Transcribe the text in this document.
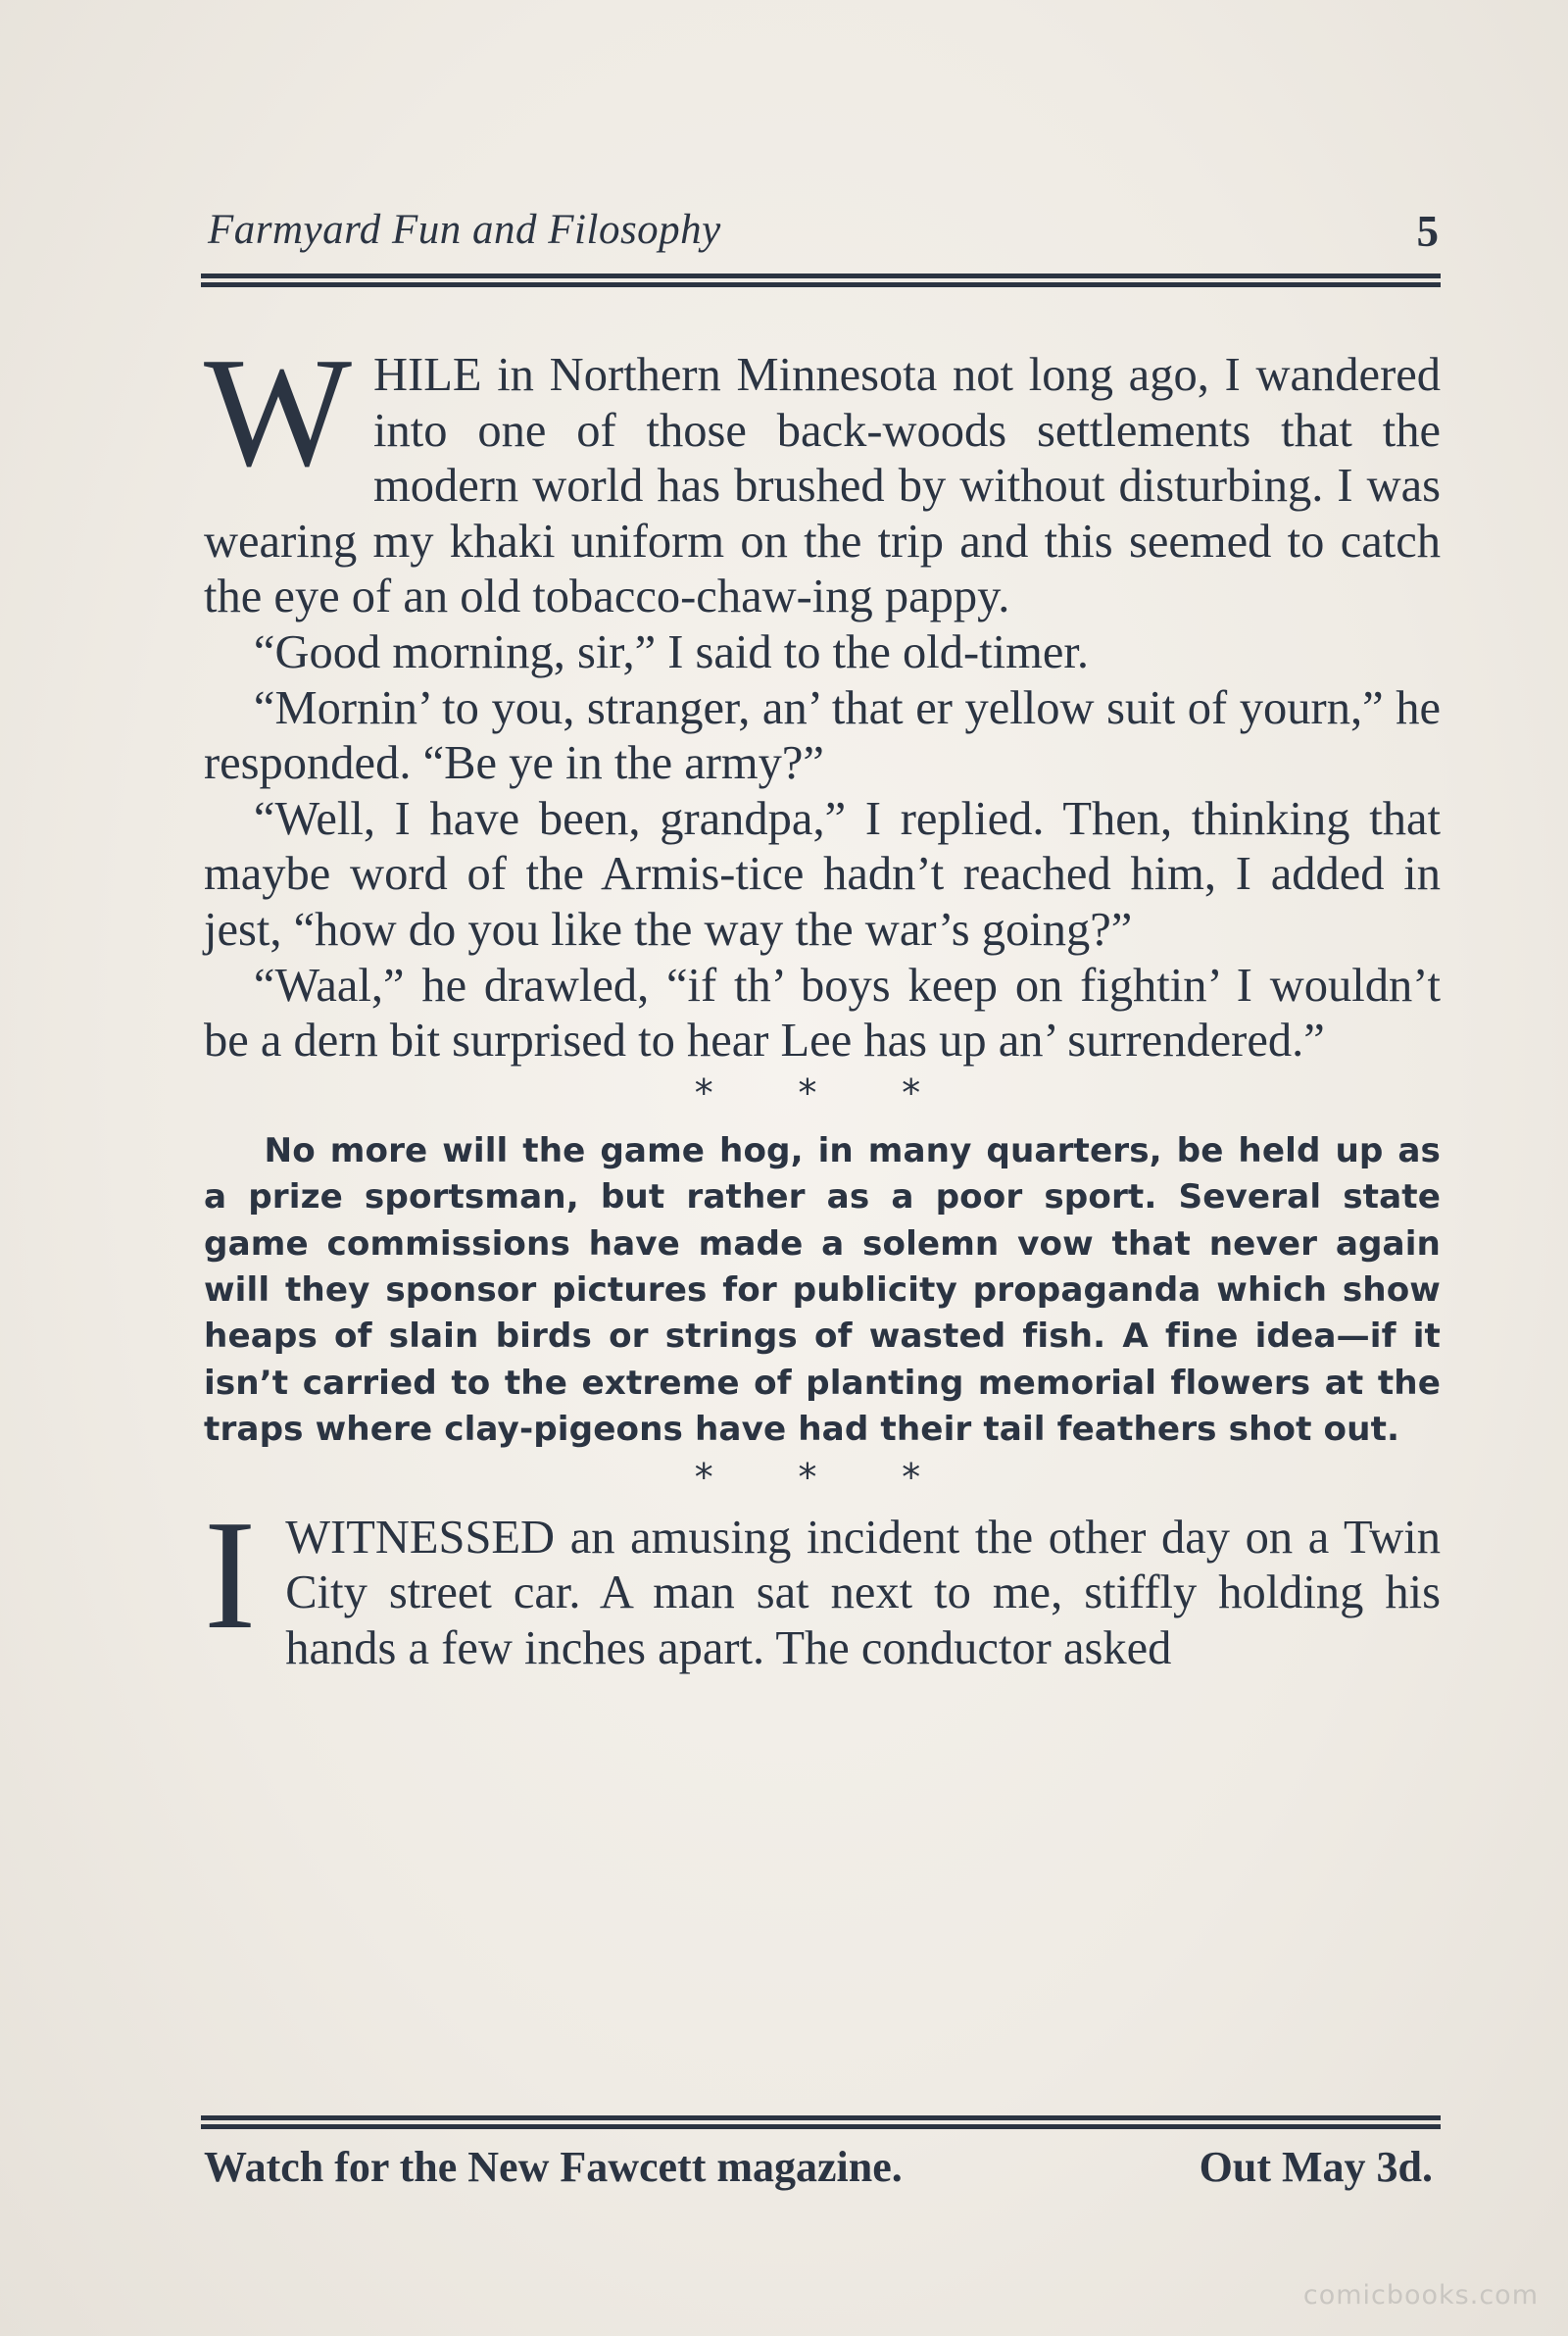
Farmyard Fun and Filosophy	5

WHILE in Northern Minnesota not long ago, I wandered into one of those back-woods settlements that the modern world has brushed by without disturbing. I was wearing my khaki uniform on the trip and this seemed to catch the eye of an old tobacco-chaw-ing pappy.

“Good morning, sir,” I said to the old-timer.

“Mornin’ to you, stranger, an’ that er yellow suit of yourn,” he responded. “Be ye in the army?”

“Well, I have been, grandpa,” I replied. Then, thinking that maybe word of the Armis-tice hadn’t reached him, I added in jest, “how do you like the way the war’s going?”

“Waal,” he drawled, “if th’ boys keep on fightin’ I wouldn’t be a dern bit surprised to hear Lee has up an’ surrendered.”

* * *

No more will the game hog, in many quarters, be held up as a prize sportsman, but rather as a poor sport. Several state game commissions have made a solemn vow that never again will they sponsor pictures for publicity propaganda which show heaps of slain birds or strings of wasted fish. A fine idea—if it isn’t carried to the extreme of planting memorial flowers at the traps where clay-pigeons have had their tail feathers shot out.

* * *

IWITNESSED an amusing incident the other day on a Twin City street car. A man sat next to me, stiffly holding his hands a few inches apart. The conductor asked

Watch for the New Fawcett magazine.	Out May 3d.
comicbooks.com
